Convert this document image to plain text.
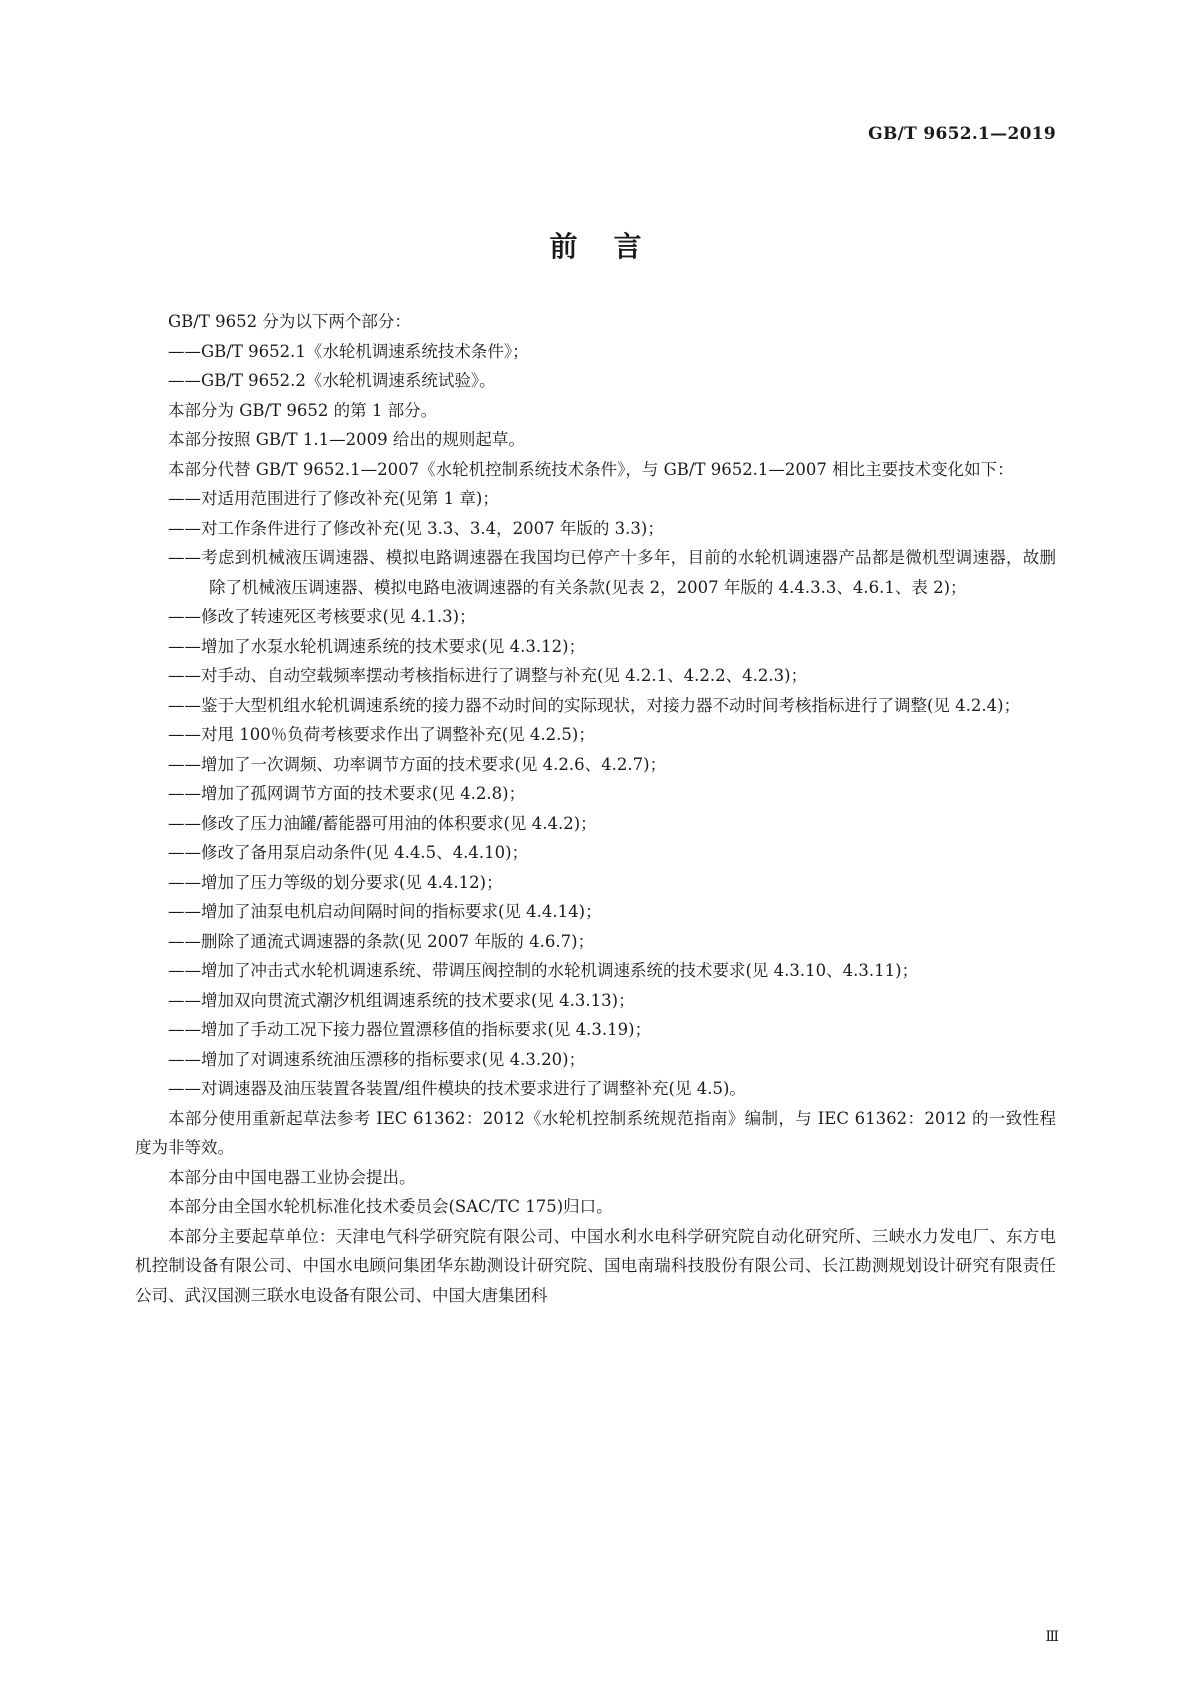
GB/T 9652.1—2019
前言

GB/T 9652 分为以下两个部分：

——GB/T 9652.1《水轮机调速系统技术条件》；

——GB/T 9652.2《水轮机调速系统试验》。

本部分为 GB/T 9652 的第 1 部分。

本部分按照 GB/T 1.1—2009 给出的规则起草。

本部分代替 GB/T 9652.1—2007《水轮机控制系统技术条件》，与 GB/T 9652.1—2007 相比主要技术变化如下：

——对适用范围进行了修改补充(见第 1 章)；

——对工作条件进行了修改补充(见 3.3、3.4，2007 年版的 3.3)；

——考虑到机械液压调速器、模拟电路调速器在我国均已停产十多年，目前的水轮机调速器产品都是微机型调速器，故删除了机械液压调速器、模拟电路电液调速器的有关条款(见表 2，2007 年版的 4.4.3.3、4.6.1、表 2)；

——修改了转速死区考核要求(见 4.1.3)；

——增加了水泵水轮机调速系统的技术要求(见 4.3.12)；

——对手动、自动空载频率摆动考核指标进行了调整与补充(见 4.2.1、4.2.2、4.2.3)；

——鉴于大型机组水轮机调速系统的接力器不动时间的实际现状，对接力器不动时间考核指标进行了调整(见 4.2.4)；

——对甩 100％负荷考核要求作出了调整补充(见 4.2.5)；

——增加了一次调频、功率调节方面的技术要求(见 4.2.6、4.2.7)；

——增加了孤网调节方面的技术要求(见 4.2.8)；

——修改了压力油罐/蓄能器可用油的体积要求(见 4.4.2)；

——修改了备用泵启动条件(见 4.4.5、4.4.10)；

——增加了压力等级的划分要求(见 4.4.12)；

——增加了油泵电机启动间隔时间的指标要求(见 4.4.14)；

——删除了通流式调速器的条款(见 2007 年版的 4.6.7)；

——增加了冲击式水轮机调速系统、带调压阀控制的水轮机调速系统的技术要求(见 4.3.10、4.3.11)；

——增加双向贯流式潮汐机组调速系统的技术要求(见 4.3.13)；

——增加了手动工况下接力器位置漂移值的指标要求(见 4.3.19)；

——增加了对调速系统油压漂移的指标要求(见 4.3.20)；

——对调速器及油压装置各装置/组件模块的技术要求进行了调整补充(见 4.5)。

本部分使用重新起草法参考 IEC 61362：2012《水轮机控制系统规范指南》编制，与 IEC 61362：2012 的一致性程度为非等效。

本部分由中国电器工业协会提出。

本部分由全国水轮机标准化技术委员会(SAC/TC 175)归口。

本部分主要起草单位：天津电气科学研究院有限公司、中国水利水电科学研究院自动化研究所、三峡水力发电厂、东方电机控制设备有限公司、中国水电顾问集团华东勘测设计研究院、国电南瑞科技股份有限公司、长江勘测规划设计研究有限责任公司、武汉国测三联水电设备有限公司、中国大唐集团科

Ⅲ
